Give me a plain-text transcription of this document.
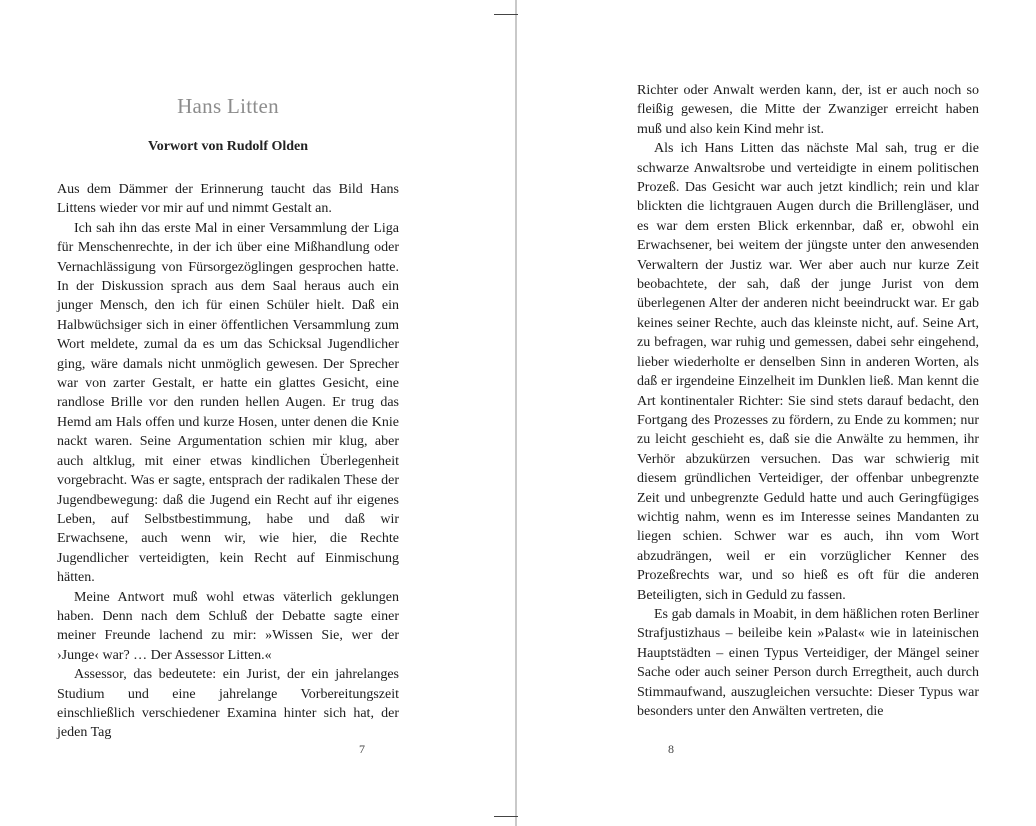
Hans Litten
Vorwort von Rudolf Olden

Aus dem Dämmer der Erinnerung taucht das Bild Hans Littens wieder vor mir auf und nimmt Gestalt an.

Ich sah ihn das erste Mal in einer Versammlung der Liga für Menschenrechte, in der ich über eine Mißhandlung oder Vernachlässigung von Fürsorgezöglingen gesprochen hatte. In der Diskussion sprach aus dem Saal heraus auch ein junger Mensch, den ich für einen Schüler hielt. Daß ein Halbwüchsiger sich in einer öffentlichen Versammlung zum Wort meldete, zumal da es um das Schicksal Jugendlicher ging, wäre damals nicht unmöglich gewesen. Der Sprecher war von zarter Gestalt, er hatte ein glattes Gesicht, eine randlose Brille vor den runden hellen Augen. Er trug das Hemd am Hals offen und kurze Hosen, unter denen die Knie nackt waren. Seine Argumentation schien mir klug, aber auch altklug, mit einer etwas kindlichen Überlegenheit vorgebracht. Was er sagte, entsprach der radikalen These der Jugendbewegung: daß die Jugend ein Recht auf ihr eigenes Leben, auf Selbstbestimmung, habe und daß wir Erwachsene, auch wenn wir, wie hier, die Rechte Jugendlicher verteidigten, kein Recht auf Einmischung hätten.

Meine Antwort muß wohl etwas väterlich geklungen haben. Denn nach dem Schluß der Debatte sagte einer meiner Freunde lachend zu mir: »Wissen Sie, wer der ›Junge‹ war? … Der Assessor Litten.«

Assessor, das bedeutete: ein Jurist, der ein jahrelanges Studium und eine jahrelange Vorbereitungszeit einschließlich verschiedener Examina hinter sich hat, der jeden Tag

7

Richter oder Anwalt werden kann, der, ist er auch noch so fleißig gewesen, die Mitte der Zwanziger erreicht haben muß und also kein Kind mehr ist.

Als ich Hans Litten das nächste Mal sah, trug er die schwarze Anwaltsrobe und verteidigte in einem politischen Prozeß. Das Gesicht war auch jetzt kindlich; rein und klar blickten die lichtgrauen Augen durch die Brillengläser, und es war dem ersten Blick erkennbar, daß er, obwohl ein Erwachsener, bei weitem der jüngste unter den anwesenden Verwaltern der Justiz war. Wer aber auch nur kurze Zeit beobachtete, der sah, daß der junge Jurist von dem überlegenen Alter der anderen nicht beeindruckt war. Er gab keines seiner Rechte, auch das kleinste nicht, auf. Seine Art, zu befragen, war ruhig und gemessen, dabei sehr eingehend, lieber wiederholte er denselben Sinn in anderen Worten, als daß er irgendeine Einzelheit im Dunklen ließ. Man kennt die Art kontinentaler Richter: Sie sind stets darauf bedacht, den Fortgang des Prozesses zu fördern, zu Ende zu kommen; nur zu leicht geschieht es, daß sie die Anwälte zu hemmen, ihr Verhör abzukürzen versuchen. Das war schwierig mit diesem gründlichen Verteidiger, der offenbar unbegrenzte Zeit und unbegrenzte Geduld hatte und auch Geringfügiges wichtig nahm, wenn es im Interesse seines Mandanten zu liegen schien. Schwer war es auch, ihn vom Wort abzudrängen, weil er ein vorzüglicher Kenner des Prozeßrechts war, und so hieß es oft für die anderen Beteiligten, sich in Geduld zu fassen.

Es gab damals in Moabit, in dem häßlichen roten Berliner Strafjustizhaus – beileibe kein »Palast« wie in lateinischen Hauptstädten – einen Typus Verteidiger, der Mängel seiner Sache oder auch seiner Person durch Erregtheit, auch durch Stimmaufwand, auszugleichen versuchte: Dieser Typus war besonders unter den Anwälten vertreten, die

8
